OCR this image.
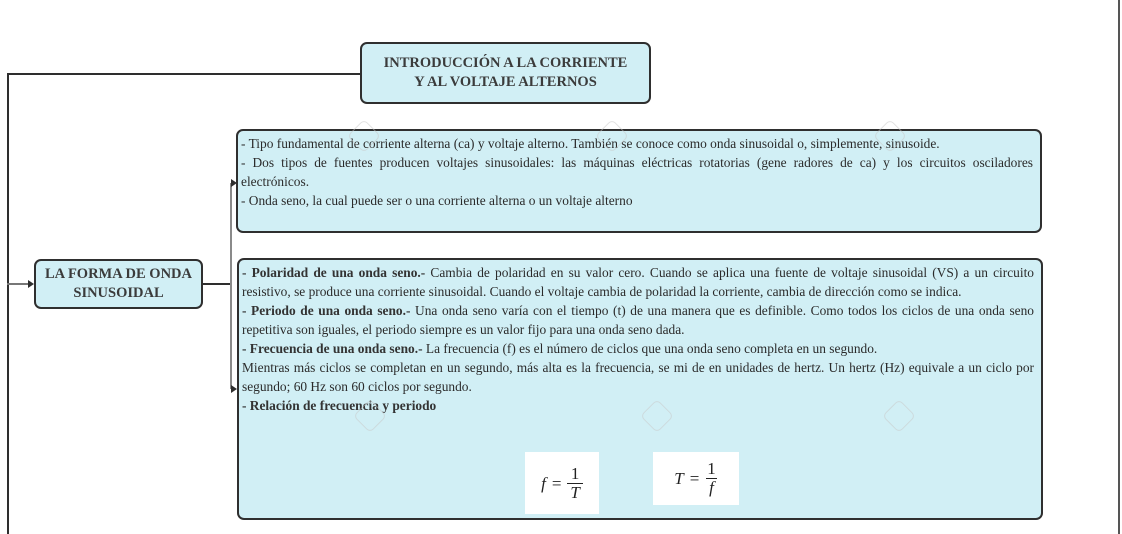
INTRODUCCIÓN A LA CORRIENTE
Y AL VOLTAJE ALTERNOS
LA FORMA DE ONDA
SINUSOIDAL

- Tipo fundamental de corriente alterna (ca) y voltaje alterno. También se conoce como onda sinusoidal o, simplemente, sinusoide.

- Dos tipos de fuentes producen voltajes sinusoidales: las máquinas eléctricas rotatorias (gene radores de ca) y los circuitos osciladores electrónicos.

- Onda seno, la cual puede ser o una corriente alterna o un voltaje alterno

- Polaridad de una onda seno.- Cambia de polaridad en su valor cero. Cuando se aplica una fuente de voltaje sinusoidal (VS) a un circuito resistivo, se produce una corriente sinusoidal. Cuando el voltaje cambia de polaridad la corriente, cambia de dirección como se indica.

- Periodo de una onda seno.- Una onda seno varía con el tiempo (t) de una manera que es definible. Como todos los ciclos de una onda seno repetitiva son iguales, el periodo siempre es un valor fijo para una onda seno dada.

- Frecuencia de una onda seno.- La frecuencia (f) es el número de ciclos que una onda seno completa en un segundo.

Mientras más ciclos se completan en un segundo, más alta es la frecuencia, se mi de en unidades de hertz. Un hertz (Hz) equivale a un ciclo por segundo; 60 Hz son 60 ciclos por segundo.

- Relación de frecuencia y periodo

$f = \frac{1}{T}$	$T = \frac{1}{f}$
